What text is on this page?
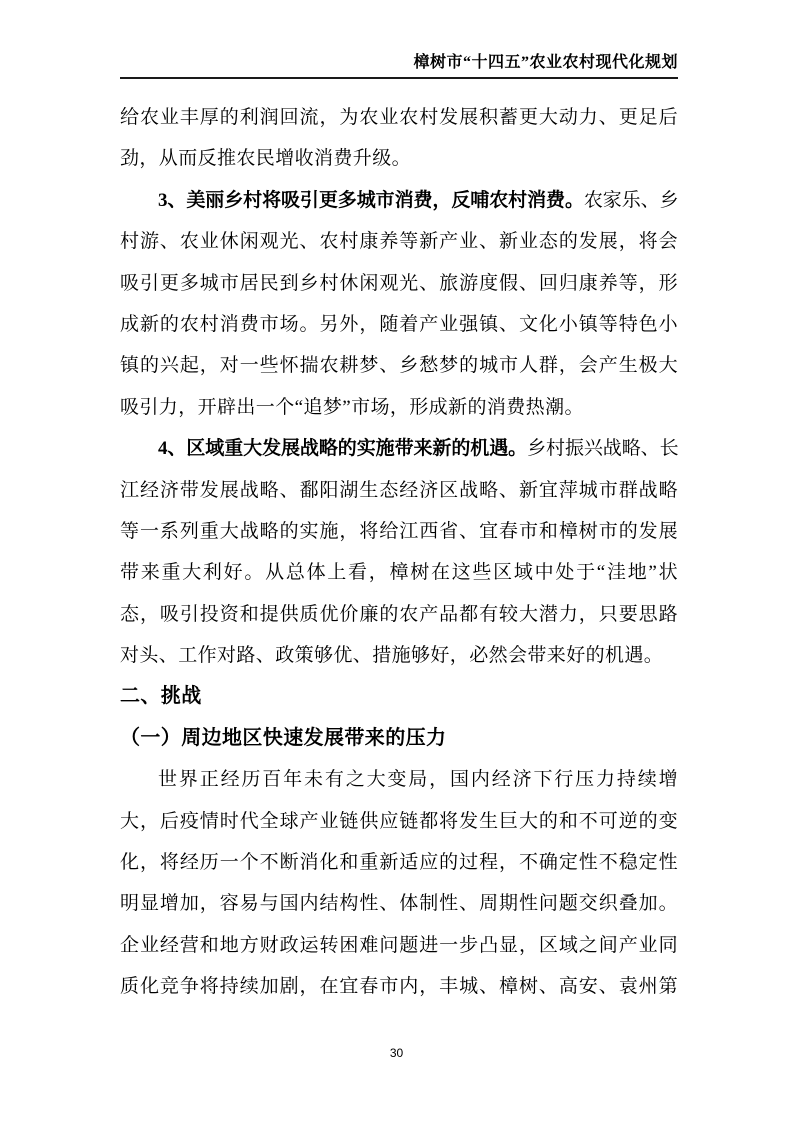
樟树市“十四五”农业农村现代化规划
给农业丰厚的利润回流，为农业农村发展积蓄更大动力、更足后
劲，从而反推农民增收消费升级。
3、美丽乡村将吸引更多城市消费，反哺农村消费。农家乐、乡
村游、农业休闲观光、农村康养等新产业、新业态的发展，将会
吸引更多城市居民到乡村休闲观光、旅游度假、回归康养等，形
成新的农村消费市场。另外，随着产业强镇、文化小镇等特色小
镇的兴起，对一些怀揣农耕梦、乡愁梦的城市人群，会产生极大
吸引力，开辟出一个“追梦”市场，形成新的消费热潮。
4、区域重大发展战略的实施带来新的机遇。乡村振兴战略、长
江经济带发展战略、鄱阳湖生态经济区战略、新宜萍城市群战略
等一系列重大战略的实施，将给江西省、宜春市和樟树市的发展
带来重大利好。从总体上看，樟树在这些区域中处于“洼地”状
态，吸引投资和提供质优价廉的农产品都有较大潜力，只要思路
对头、工作对路、政策够优、措施够好，必然会带来好的机遇。
二、挑战
（一）周边地区快速发展带来的压力
世界正经历百年未有之大变局，国内经济下行压力持续增
大，后疫情时代全球产业链供应链都将发生巨大的和不可逆的变
化，将经历一个不断消化和重新适应的过程，不确定性不稳定性
明显增加，容易与国内结构性、体制性、周期性问题交织叠加。
企业经营和地方财政运转困难问题进一步凸显，区域之间产业同
质化竞争将持续加剧，在宜春市内，丰城、樟树、高安、袁州第
30
